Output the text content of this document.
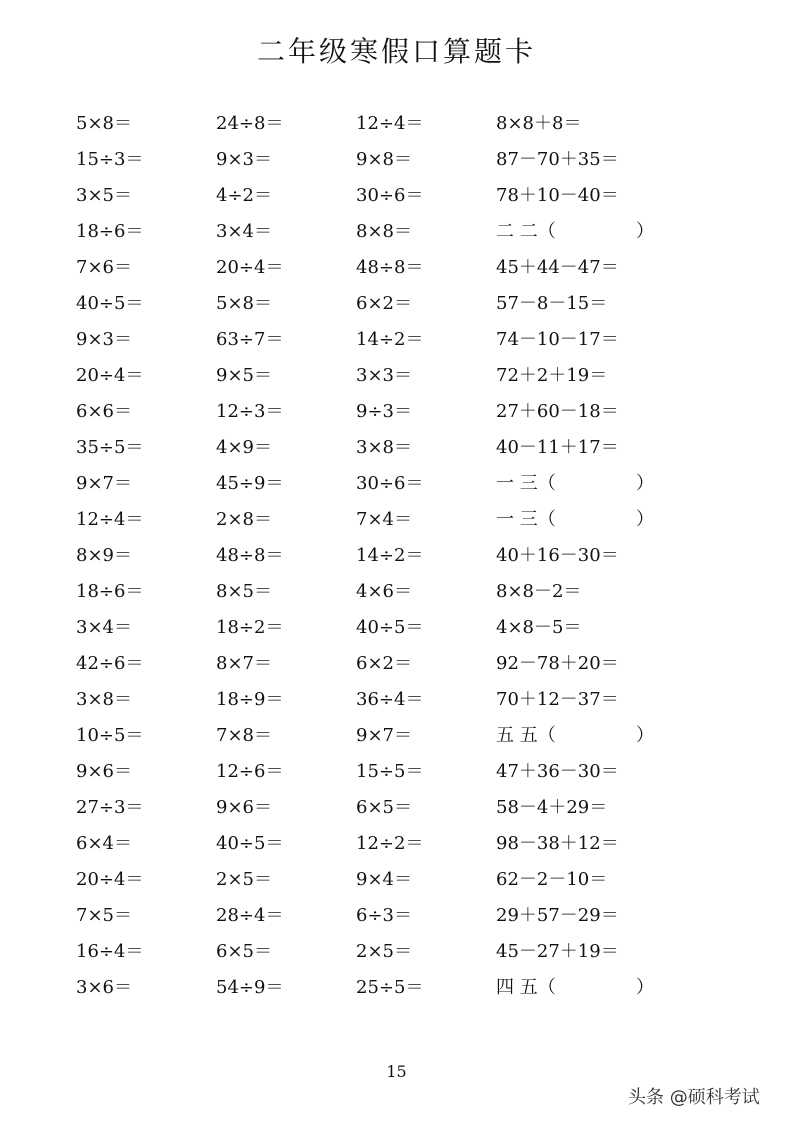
二年级寒假口算题卡
5×8＝	24÷8＝	12÷4＝	8×8＋8＝
15÷3＝	9×3＝	9×8＝	87－70＋35＝
3×5＝	4÷2＝	30÷6＝	78＋10－40＝
18÷6＝	3×4＝	8×8＝	二 二（	）
7×6＝	20÷4＝	48÷8＝	45＋44－47＝
40÷5＝	5×8＝	6×2＝	57－8－15＝
9×3＝	63÷7＝	14÷2＝	74－10－17＝
20÷4＝	9×5＝	3×3＝	72＋2＋19＝
6×6＝	12÷3＝	9÷3＝	27＋60－18＝
35÷5＝	4×9＝	3×8＝	40－11＋17＝
9×7＝	45÷9＝	30÷6＝	一 三（	）
12÷4＝	2×8＝	7×4＝	一 三（	）
8×9＝	48÷8＝	14÷2＝	40＋16－30＝
18÷6＝	8×5＝	4×6＝	8×8－2＝
3×4＝	18÷2＝	40÷5＝	4×8－5＝
42÷6＝	8×7＝	6×2＝	92－78＋20＝
3×8＝	18÷9＝	36÷4＝	70＋12－37＝
10÷5＝	7×8＝	9×7＝	五 五（	）
9×6＝	12÷6＝	15÷5＝	47＋36－30＝
27÷3＝	9×6＝	6×5＝	58－4＋29＝
6×4＝	40÷5＝	12÷2＝	98－38＋12＝
20÷4＝	2×5＝	9×4＝	62－2－10＝
7×5＝	28÷4＝	6÷3＝	29＋57－29＝
16÷4＝	6×5＝	2×5＝	45－27＋19＝
3×6＝	54÷9＝	25÷5＝	四 五（	）
15
头条 @硕科考试
